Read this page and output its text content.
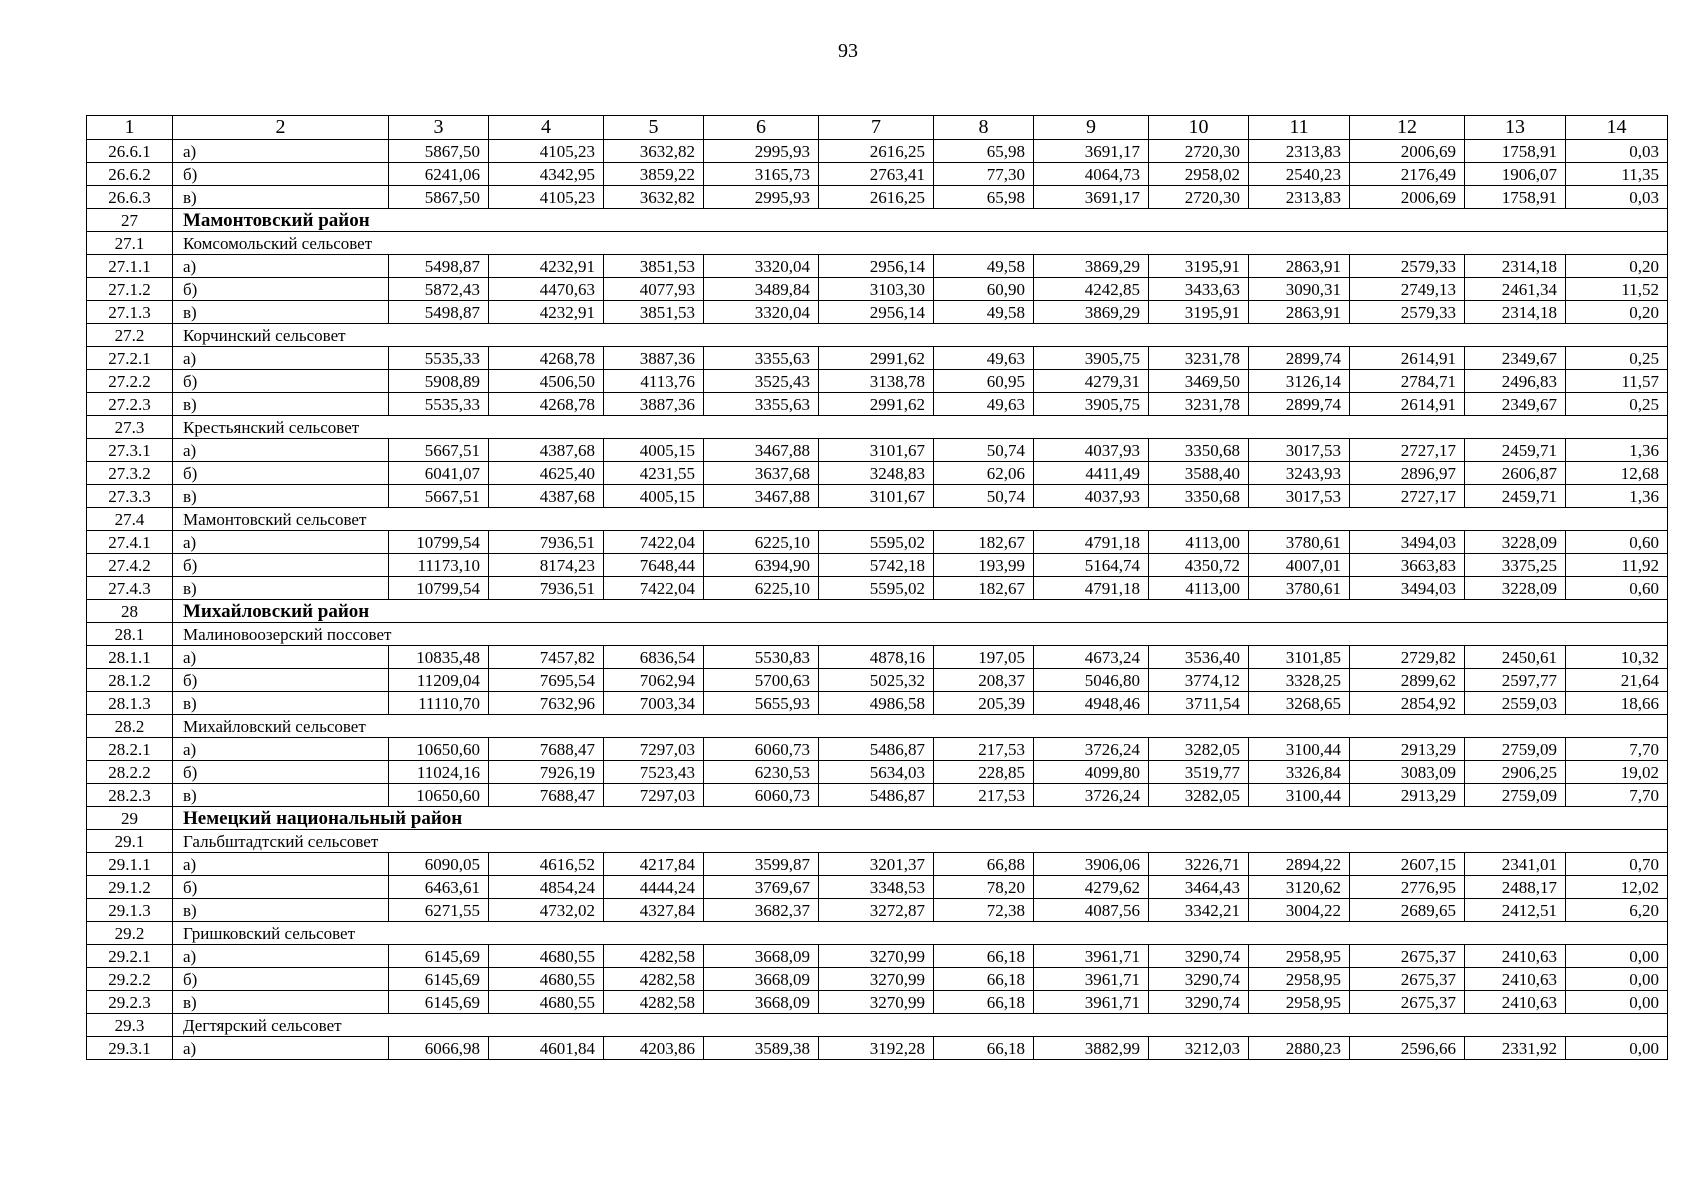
93
1	2	3	4	5	6	7	8	9	10	11	12	13	14
26.6.1	а)	5867,50	4105,23	3632,82	2995,93	2616,25	65,98	3691,17	2720,30	2313,83	2006,69	1758,91	0,03
26.6.2	б)	6241,06	4342,95	3859,22	3165,73	2763,41	77,30	4064,73	2958,02	2540,23	2176,49	1906,07	11,35
26.6.3	в)	5867,50	4105,23	3632,82	2995,93	2616,25	65,98	3691,17	2720,30	2313,83	2006,69	1758,91	0,03
27	Мамонтовский район												
27.1	Комсомольский сельсовет												
27.1.1	а)	5498,87	4232,91	3851,53	3320,04	2956,14	49,58	3869,29	3195,91	2863,91	2579,33	2314,18	0,20
27.1.2	б)	5872,43	4470,63	4077,93	3489,84	3103,30	60,90	4242,85	3433,63	3090,31	2749,13	2461,34	11,52
27.1.3	в)	5498,87	4232,91	3851,53	3320,04	2956,14	49,58	3869,29	3195,91	2863,91	2579,33	2314,18	0,20
27.2	Корчинский сельсовет												
27.2.1	а)	5535,33	4268,78	3887,36	3355,63	2991,62	49,63	3905,75	3231,78	2899,74	2614,91	2349,67	0,25
27.2.2	б)	5908,89	4506,50	4113,76	3525,43	3138,78	60,95	4279,31	3469,50	3126,14	2784,71	2496,83	11,57
27.2.3	в)	5535,33	4268,78	3887,36	3355,63	2991,62	49,63	3905,75	3231,78	2899,74	2614,91	2349,67	0,25
27.3	Крестьянский сельсовет												
27.3.1	а)	5667,51	4387,68	4005,15	3467,88	3101,67	50,74	4037,93	3350,68	3017,53	2727,17	2459,71	1,36
27.3.2	б)	6041,07	4625,40	4231,55	3637,68	3248,83	62,06	4411,49	3588,40	3243,93	2896,97	2606,87	12,68
27.3.3	в)	5667,51	4387,68	4005,15	3467,88	3101,67	50,74	4037,93	3350,68	3017,53	2727,17	2459,71	1,36
27.4	Мамонтовский сельсовет												
27.4.1	а)	10799,54	7936,51	7422,04	6225,10	5595,02	182,67	4791,18	4113,00	3780,61	3494,03	3228,09	0,60
27.4.2	б)	11173,10	8174,23	7648,44	6394,90	5742,18	193,99	5164,74	4350,72	4007,01	3663,83	3375,25	11,92
27.4.3	в)	10799,54	7936,51	7422,04	6225,10	5595,02	182,67	4791,18	4113,00	3780,61	3494,03	3228,09	0,60
28	Михайловский район												
28.1	Малиновоозерский поссовет												
28.1.1	а)	10835,48	7457,82	6836,54	5530,83	4878,16	197,05	4673,24	3536,40	3101,85	2729,82	2450,61	10,32
28.1.2	б)	11209,04	7695,54	7062,94	5700,63	5025,32	208,37	5046,80	3774,12	3328,25	2899,62	2597,77	21,64
28.1.3	в)	11110,70	7632,96	7003,34	5655,93	4986,58	205,39	4948,46	3711,54	3268,65	2854,92	2559,03	18,66
28.2	Михайловский сельсовет												
28.2.1	а)	10650,60	7688,47	7297,03	6060,73	5486,87	217,53	3726,24	3282,05	3100,44	2913,29	2759,09	7,70
28.2.2	б)	11024,16	7926,19	7523,43	6230,53	5634,03	228,85	4099,80	3519,77	3326,84	3083,09	2906,25	19,02
28.2.3	в)	10650,60	7688,47	7297,03	6060,73	5486,87	217,53	3726,24	3282,05	3100,44	2913,29	2759,09	7,70
29	Немецкий национальный район												
29.1	Гальбштадтский сельсовет												
29.1.1	а)	6090,05	4616,52	4217,84	3599,87	3201,37	66,88	3906,06	3226,71	2894,22	2607,15	2341,01	0,70
29.1.2	б)	6463,61	4854,24	4444,24	3769,67	3348,53	78,20	4279,62	3464,43	3120,62	2776,95	2488,17	12,02
29.1.3	в)	6271,55	4732,02	4327,84	3682,37	3272,87	72,38	4087,56	3342,21	3004,22	2689,65	2412,51	6,20
29.2	Гришковский сельсовет												
29.2.1	а)	6145,69	4680,55	4282,58	3668,09	3270,99	66,18	3961,71	3290,74	2958,95	2675,37	2410,63	0,00
29.2.2	б)	6145,69	4680,55	4282,58	3668,09	3270,99	66,18	3961,71	3290,74	2958,95	2675,37	2410,63	0,00
29.2.3	в)	6145,69	4680,55	4282,58	3668,09	3270,99	66,18	3961,71	3290,74	2958,95	2675,37	2410,63	0,00
29.3	Дегтярский сельсовет												
29.3.1	а)	6066,98	4601,84	4203,86	3589,38	3192,28	66,18	3882,99	3212,03	2880,23	2596,66	2331,92	0,00
